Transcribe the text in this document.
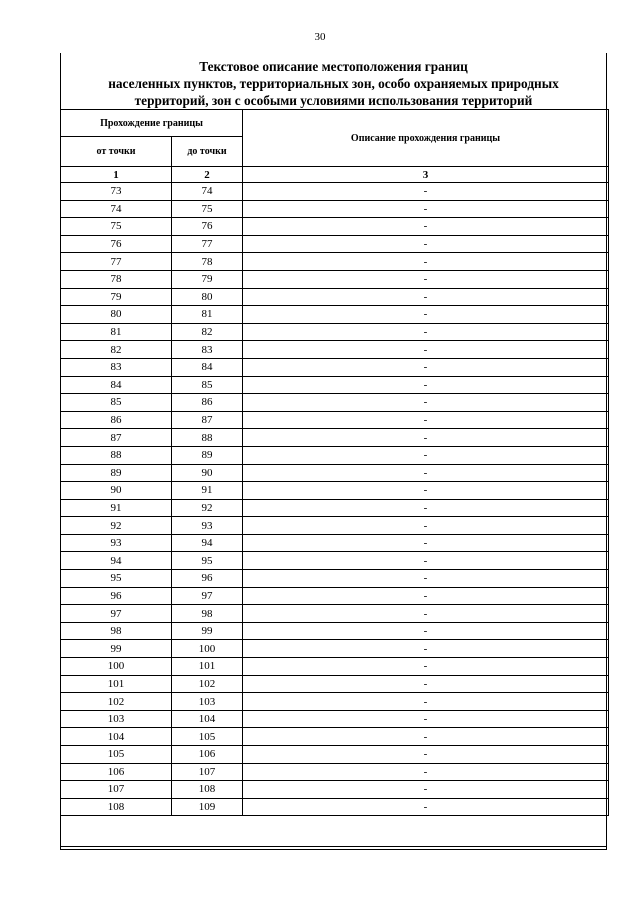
30
Текстовое описание местоположения границ
населенных пунктов, территориальных зон, особо охраняемых природных
территорий, зон с особыми условиями использования территорий
Прохождение границы		Описание прохождения границы
от точки	до точки	
1	2	3
73	74	-
74	75	-
75	76	-
76	77	-
77	78	-
78	79	-
79	80	-
80	81	-
81	82	-
82	83	-
83	84	-
84	85	-
85	86	-
86	87	-
87	88	-
88	89	-
89	90	-
90	91	-
91	92	-
92	93	-
93	94	-
94	95	-
95	96	-
96	97	-
97	98	-
98	99	-
99	100	-
100	101	-
101	102	-
102	103	-
103	104	-
104	105	-
105	106	-
106	107	-
107	108	-
108	109	-
